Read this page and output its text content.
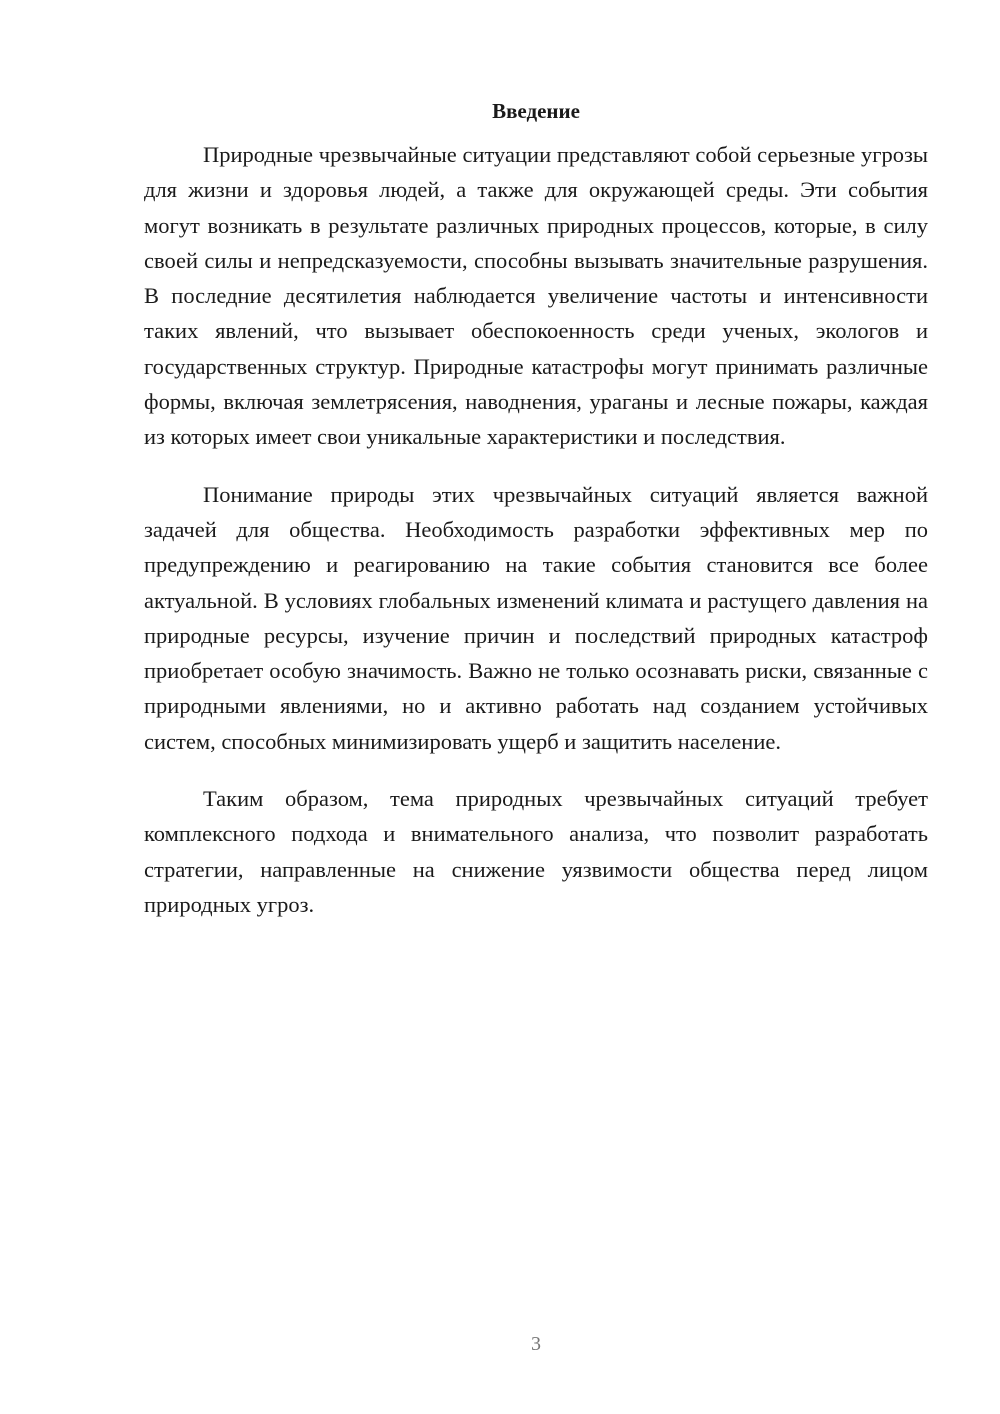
Введение

Природные чрезвычайные ситуации представляют собой серьезные угрозы для жизни и здоровья людей, а также для окружающей среды. Эти события могут возникать в результате различных природных процессов, которые, в силу своей силы и непредсказуемости, способны вызывать значительные разрушения. В последние десятилетия наблюдается увеличение частоты и интенсивности таких явлений, что вызывает обеспокоенность среди ученых, экологов и государственных структур. Природные катастрофы могут принимать различные формы, включая землетрясения, наводнения, ураганы и лесные пожары, каждая из которых имеет свои уникальные характеристики и последствия.

Понимание природы этих чрезвычайных ситуаций является важной задачей для общества. Необходимость разработки эффективных мер по предупреждению и реагированию на такие события становится все более актуальной. В условиях глобальных изменений климата и растущего давления на природные ресурсы, изучение причин и последствий природных катастроф приобретает особую значимость. Важно не только осознавать риски, связанные с природными явлениями, но и активно работать над созданием устойчивых систем, способных минимизировать ущерб и защитить население.

Таким образом, тема природных чрезвычайных ситуаций требует комплексного подхода и внимательного анализа, что позволит разработать стратегии, направленные на снижение уязвимости общества перед лицом природных угроз.

3
